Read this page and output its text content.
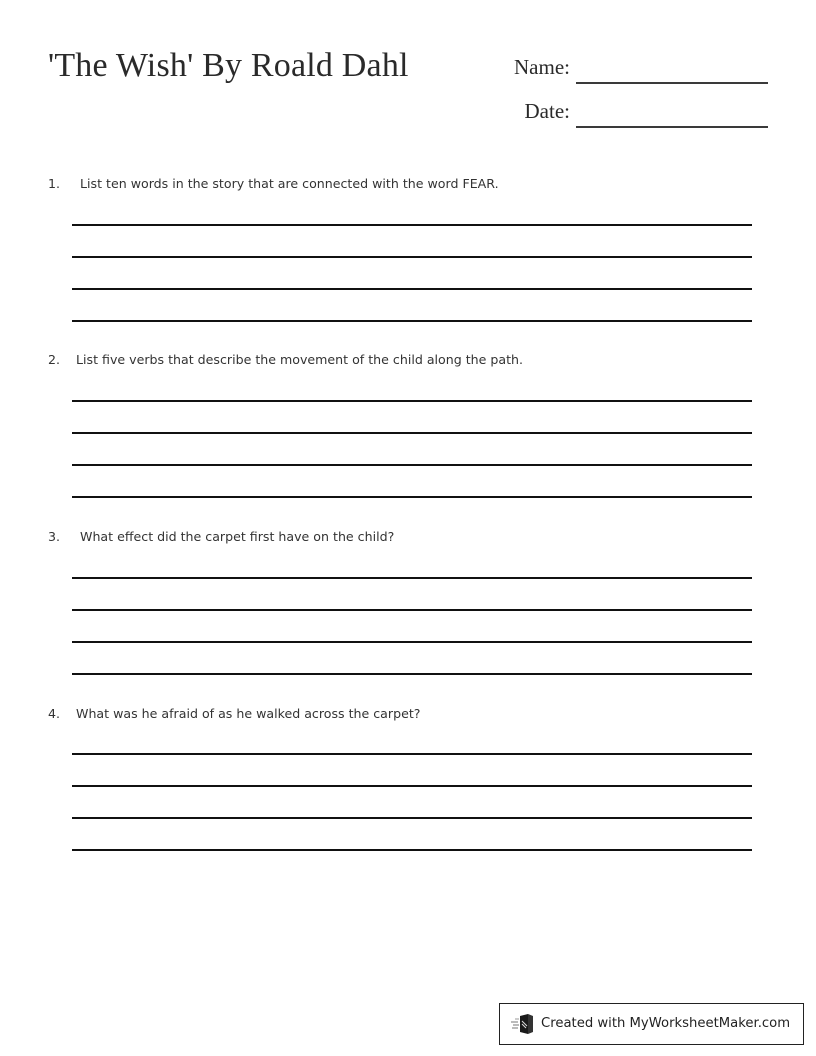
'The Wish' By Roald Dahl	Name:
Date:
1. List ten words in the story that are connected with the word FEAR.
2. List five verbs that describe the movement of the child along the path.
3. What effect did the carpet first have on the child?
4. What was he afraid of as he walked across the carpet?
Created with MyWorksheetMaker.com
